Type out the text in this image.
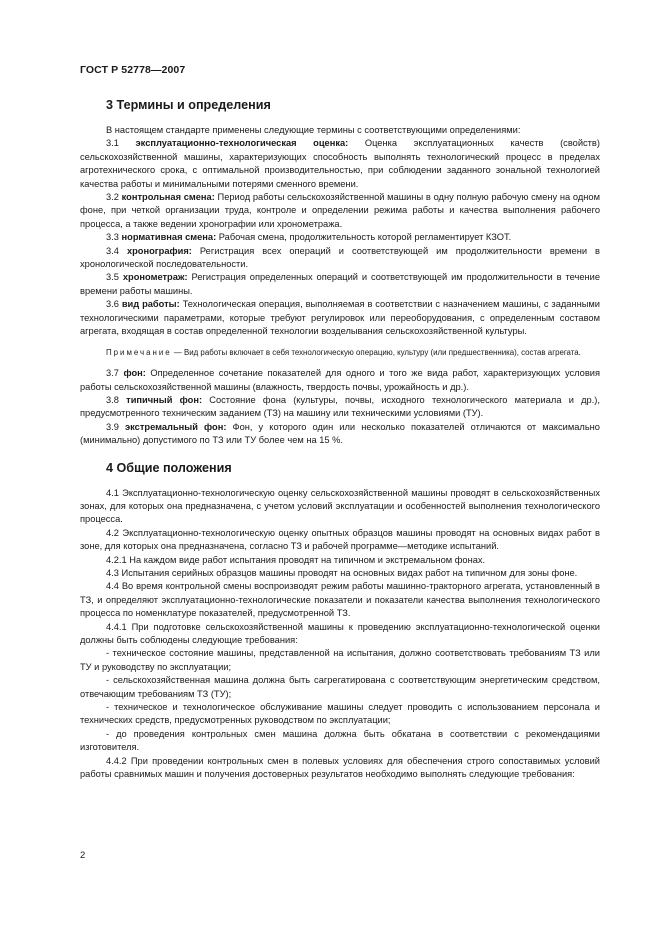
ГОСТ Р 52778—2007
3 Термины и определения

В настоящем стандарте применены следующие термины с соответствующими определениями:

3.1 эксплуатационно-технологическая оценка: Оценка эксплуатационных качеств (свойств) сельскохозяйственной машины, характеризующих способность выполнять технологический процесс в пределах агротехнического срока, с оптимальной производительностью, при соблюдении заданного зональной технологией качества работы и минимальными потерями сменного времени.

3.2 контрольная смена: Период работы сельскохозяйственной машины в одну полную рабочую смену на одном фоне, при четкой организации труда, контроле и определении режима работы и качества выполнения рабочего процесса, а также ведении хронографии или хронометража.

3.3 нормативная смена: Рабочая смена, продолжительность которой регламентирует КЗОТ.

3.4 хронография: Регистрация всех операций и соответствующей им продолжительности времени в хронологической последовательности.

3.5 хронометраж: Регистрация определенных операций и соответствующей им продолжительности в течение времени работы машины.

3.6 вид работы: Технологическая операция, выполняемая в соответствии с назначением машины, с заданными технологическими параметрами, которые требуют регулировок или переоборудования, с определенным составом агрегата, входящая в состав определенной технологии возделывания сельскохозяйственной культуры.

Примечание — Вид работы включает в себя технологическую операцию, культуру (или предшественника), состав агрегата.

3.7 фон: Определенное сочетание показателей для одного и того же вида работ, характеризующих условия работы сельскохозяйственной машины (влажность, твердость почвы, урожайность и др.).

3.8 типичный фон: Состояние фона (культуры, почвы, исходного технологического материала и др.), предусмотренного техническим заданием (ТЗ) на машину или техническими условиями (ТУ).

3.9 экстремальный фон: Фон, у которого один или несколько показателей отличаются от максимально (минимально) допустимого по ТЗ или ТУ более чем на 15 %.

4 Общие положения

4.1 Эксплуатационно-технологическую оценку сельскохозяйственной машины проводят в сельскохозяйственных зонах, для которых она предназначена, с учетом условий эксплуатации и особенностей выполнения технологического процесса.

4.2 Эксплуатационно-технологическую оценку опытных образцов машины проводят на основных видах работ в зоне, для которых она предназначена, согласно ТЗ и рабочей программе—методике испытаний.

4.2.1 На каждом виде работ испытания проводят на типичном и экстремальном фонах.

4.3 Испытания серийных образцов машины проводят на основных видах работ на типичном для зоны фоне.

4.4 Во время контрольной смены воспроизводят режим работы машинно-тракторного агрегата, установленный в ТЗ, и определяют эксплуатационно-технологические показатели и показатели качества выполнения технологического процесса по номенклатуре показателей, предусмотренной ТЗ.

4.4.1 При подготовке сельскохозяйственной машины к проведению эксплуатационно-технологической оценки должны быть соблюдены следующие требования:

- техническое состояние машины, представленной на испытания, должно соответствовать требованиям ТЗ или ТУ и руководству по эксплуатации;

- сельскохозяйственная машина должна быть сагрегатирована с соответствующим энергетическим средством, отвечающим требованиям ТЗ (ТУ);

- техническое и технологическое обслуживание машины следует проводить с использованием персонала и технических средств, предусмотренных руководством по эксплуатации;

- до проведения контрольных смен машина должна быть обкатана в соответствии с рекомендациями изготовителя.

4.4.2 При проведении контрольных смен в полевых условиях для обеспечения строго сопоставимых условий работы сравнимых машин и получения достоверных результатов необходимо выполнять следующие требования:

2
